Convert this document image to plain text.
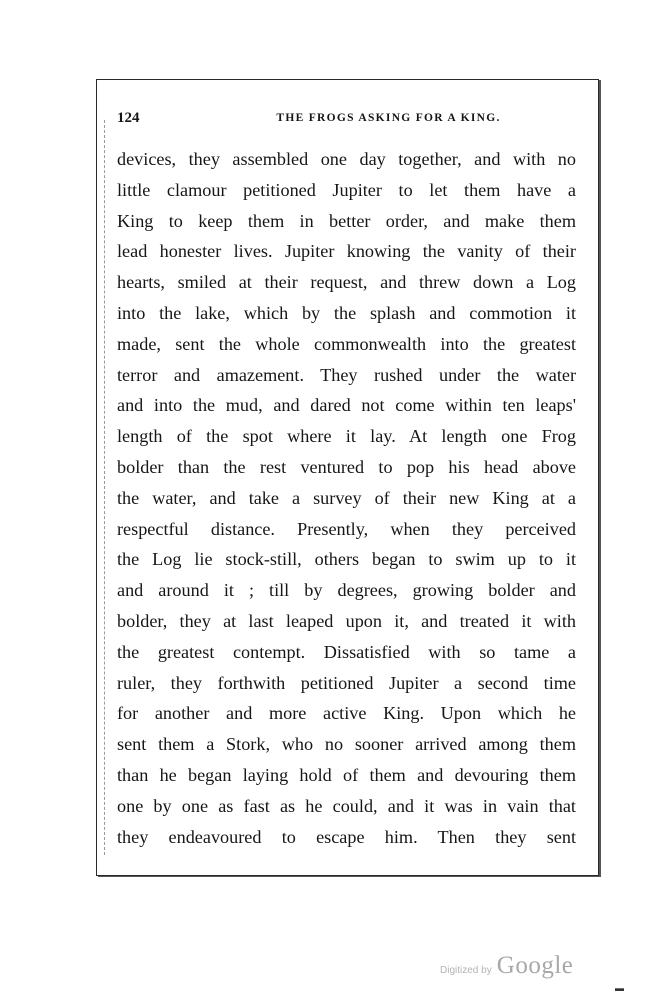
124	THE FROGS ASKING FOR A KING.
devices, they assembled one day together, and with no
little clamour petitioned Jupiter to let them have a
King to keep them in better order, and make them
lead honester lives. Jupiter knowing the vanity of their
hearts, smiled at their request, and threw down a Log
into the lake, which by the splash and commotion it
made, sent the whole commonwealth into the greatest
terror and amazement. They rushed under the water
and into the mud, and dared not come within ten leaps'
length of the spot where it lay. At length one Frog
bolder than the rest ventured to pop his head above
the water, and take a survey of their new King at a
respectful distance. Presently, when they perceived
the Log lie stock-still, others began to swim up to it
and around it ; till by degrees, growing bolder and
bolder, they at last leaped upon it, and treated it with
the greatest contempt. Dissatisfied with so tame a
ruler, they forthwith petitioned Jupiter a second time
for another and more active King. Upon which he
sent them a Stork, who no sooner arrived among them
than he began laying hold of them and devouring them
one by one as fast as he could, and it was in vain that
they endeavoured to escape him. Then they sent
Digitized by Google
▬
